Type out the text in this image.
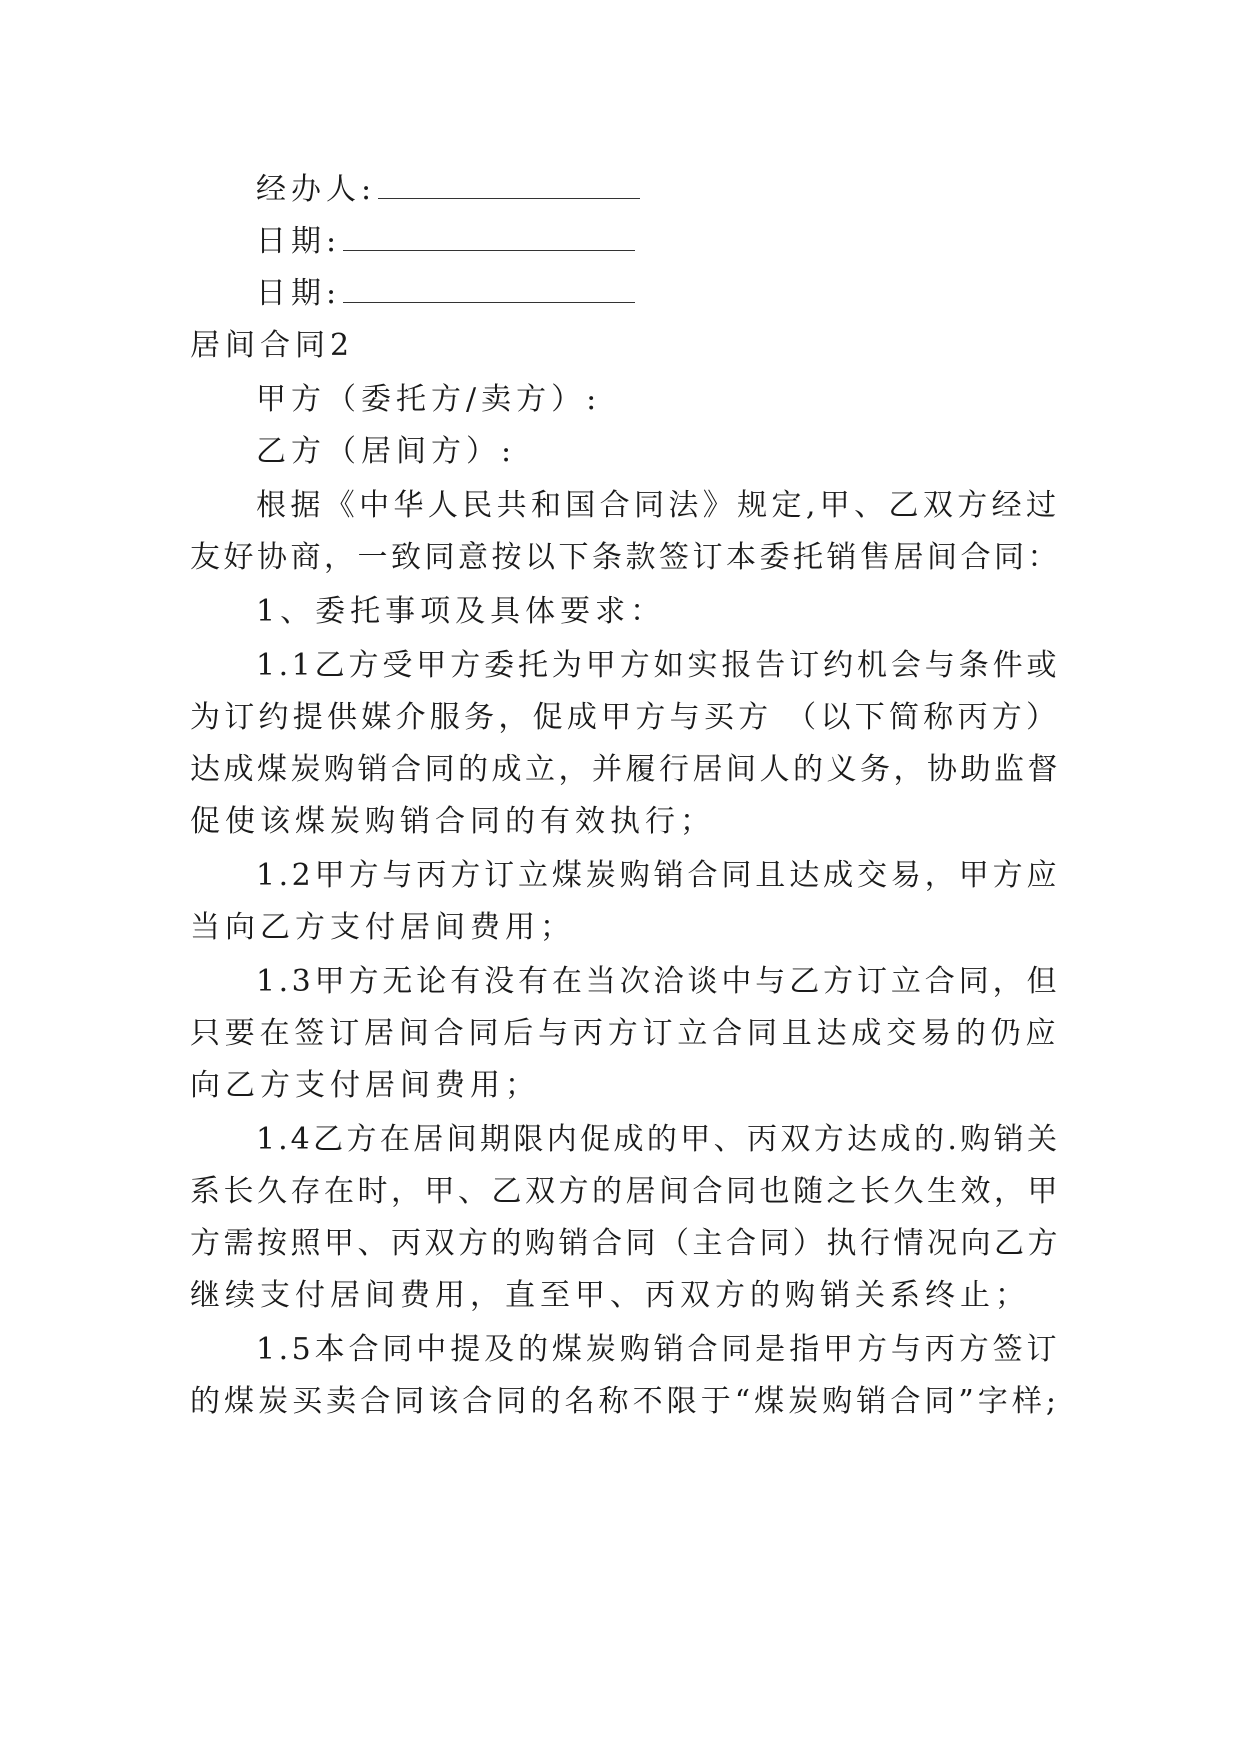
经办人:
日期:
日期:
居间合同2
甲方（委托方/卖方）:
乙方（居间方）:
根据《中华人民共和国合同法》规定,甲、乙双方经过
友好协商，一致同意按以下条款签订本委托销售居间合同：
1、委托事项及具体要求：
1.1乙方受甲方委托为甲方如实报告订约机会与条件或
为订约提供媒介服务，促成甲方与买方 （以下简称丙方）
达成煤炭购销合同的成立，并履行居间人的义务，协助监督
促使该煤炭购销合同的有效执行；
1.2甲方与丙方订立煤炭购销合同且达成交易，甲方应
当向乙方支付居间费用；
1.3甲方无论有没有在当次洽谈中与乙方订立合同，但
只要在签订居间合同后与丙方订立合同且达成交易的仍应
向乙方支付居间费用；
1.4乙方在居间期限内促成的甲、丙双方达成的.购销关
系长久存在时，甲、乙双方的居间合同也随之长久生效，甲
方需按照甲、丙双方的购销合同（主合同）执行情况向乙方
继续支付居间费用，直至甲、丙双方的购销关系终止；
1.5本合同中提及的煤炭购销合同是指甲方与丙方签订
的煤炭买卖合同该合同的名称不限于“煤炭购销合同”字样;
